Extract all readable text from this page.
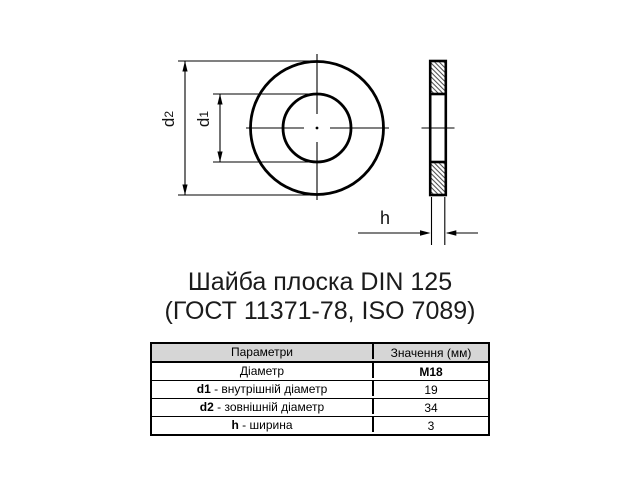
d
2
d
1
h
Шайба плоска DIN 125
(ГОСТ 11371-78, ISO 7089)
Параметри	Значення (мм)
Діаметр	M18
d1 - внутрішній діаметр	19
d2 - зовнішній діаметр	34
h - ширина	3
